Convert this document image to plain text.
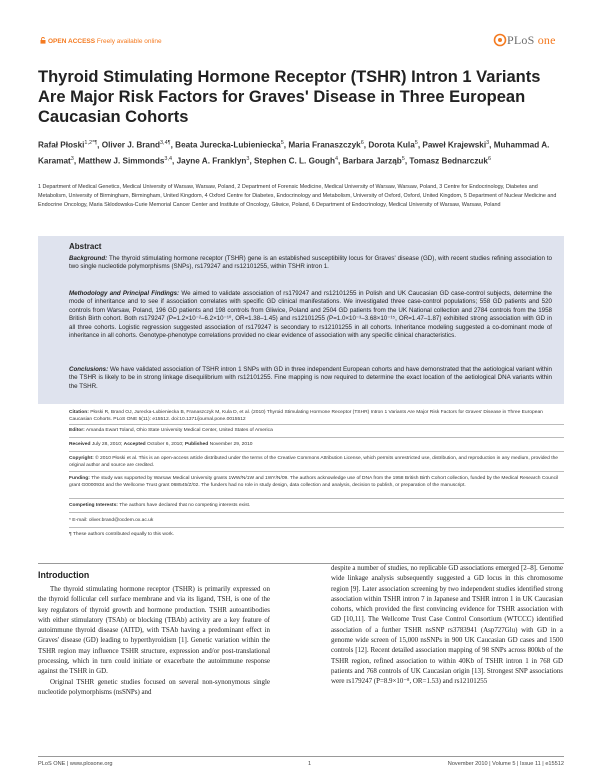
OPEN ACCESS Freely available online	PLoS one
Thyroid Stimulating Hormone Receptor (TSHR) Intron 1 Variants Are Major Risk Factors for Graves' Disease in Three European Caucasian Cohorts
Rafał Płoski$^{1,2*\P}$, Oliver J. Brand$^{3,4\P}$, Beata Jurecka-Lubieniecka$^5$, Maria Franaszczyk$^6$, Dorota Kula$^5$, Paweł Krajewski$^3$, Muhammad A. Karamat$^3$, Matthew J. Simmonds$^{3,4}$, Jayne A. Franklyn$^3$, Stephen C. L. Gough$^4$, Barbara Jarząb$^5$, Tomasz Bednarczuk$^6$
1 Department of Medical Genetics, Medical University of Warsaw, Warsaw, Poland, 2 Department of Forensic Medicine, Medical University of Warsaw, Warsaw, Poland, 3 Centre for Endocrinology, Diabetes and Metabolism, University of Birmingham, Birmingham, United Kingdom, 4 Oxford Centre for Diabetes, Endocrinology and Metabolism, University of Oxford, Oxford, United Kingdom, 5 Department of Nuclear Medicine and Endocrine Oncology, Maria Sklodowska-Curie Memorial Cancer Center and Institute of Oncology, Gliwice, Poland, 6 Department of Endocrinology, Medical University of Warsaw, Warsaw, Poland
Abstract
Background: The thyroid stimulating hormone receptor (TSHR) gene is an established susceptibility locus for Graves' disease (GD), with recent studies refining association to two single nucleotide polymorphisms (SNPs), rs179247 and rs12101255, within TSHR intron 1.
Methodology and Principal Findings: We aimed to validate association of rs179247 and rs12101255 in Polish and UK Caucasian GD case-control subjects, determine the mode of inheritance and to see if association correlates with specific GD clinical manifestations. We investigated three case-control populations; 558 GD patients and 520 controls from Warsaw, Poland, 196 GD patients and 198 controls from Gliwice, Poland and 2504 GD patients from the UK National collection and 2784 controls from the 1958 British Birth cohort. Both rs179247 (P=1.2×10⁻²–6.2×10⁻¹⁰, OR=1.38–1.45) and rs12101255 (P=1.0×10⁻³–3.68×10⁻¹⁵, OR=1.47–1.87) exhibited strong association with GD in all three cohorts. Logistic regression suggested association of rs179247 is secondary to rs12101255 in all cohorts. Inheritance modeling suggested a co-dominant mode of inheritance in all cohorts. Genotype-phenotype correlations provided no clear evidence of association with any specific clinical characteristics.
Conclusions: We have validated association of TSHR intron 1 SNPs with GD in three independent European cohorts and have demonstrated that the aetiological variant within the TSHR is likely to be in strong linkage disequilibrium with rs12101255. Fine mapping is now required to determine the exact location of the aetiological DNA variants within the TSHR.
Citation: Płoski R, Brand OJ, Jurecka-Lubieniecka B, Franaszczyk M, Kula D, et al. (2010) Thyroid Stimulating Hormone Receptor (TSHR) Intron 1 Variants Are Major Risk Factors for Graves' Disease in Three European Caucasian Cohorts. PLoS ONE 5(11): e15512. doi:10.1371/journal.pone.0015512
Editor: Amanda Ewart Toland, Ohio State University Medical Center, United States of America
Received July 28, 2010; Accepted October 6, 2010; Published November 29, 2010
Copyright: © 2010 Płoski et al. This is an open-access article distributed under the terms of the Creative Commons Attribution License, which permits unrestricted use, distribution, and reproduction in any medium, provided the original author and source are credited.
Funding: The study was supported by Warsaw Medical University grants 1WW/N/1W and 1WY/N/09. The authors acknowledge use of DNA from the 1958 British Birth Cohort collection, funded by the Medical Research Council grant G0000934 and the Wellcome Trust grant 068545/Z/02. The funders had no role in study design, data collection and analysis, decision to publish, or preparation of the manuscript.
Competing Interests: The authors have declared that no competing interests exist.
* E-mail: oliver.brand@ocdem.ox.ac.uk
¶ These authors contributed equally to this work.
Introduction

The thyroid stimulating hormone receptor (TSHR) is primarily expressed on the thyroid follicular cell surface membrane and via its ligand, TSH, is one of the key regulators of thyroid growth and hormone production. TSHR autoantibodies with either stimulatory (TSAb) or blocking (TBAb) activity are a key feature of autoimmune thyroid disease (AITD), with TSAb having a predominant effect in Graves' disease (GD) leading to hyperthyroidism [1]. Genetic variation within the TSHR region may influence TSHR structure, expression and/or post-translational processing, which in turn could initiate or exacerbate the autoimmune response against the TSHR in GD.

Original TSHR genetic studies focused on several non-synonymous single nucleotide polymorphisms (nsSNPs) and

despite a number of studies, no replicable GD associations emerged [2–8]. Genome wide linkage analysis subsequently suggested a GD locus in this chromosome region [9]. Later association screening by two independent studies identified strong association within TSHR intron 7 in Japanese and TSHR intron 1 in UK Caucasian cohorts, which provided the first convincing evidence for TSHR association with GD [10,11]. The Wellcome Trust Case Control Consortium (WTCCC) identified association of a further TSHR nsSNP rs3783941 (Asp727Glu) with GD in a genome wide screen of 15,000 nsSNPs in 900 UK Caucasian GD cases and 1500 controls [12]. Recent detailed association mapping of 98 SNPs across 800kb of the TSHR region, refined association to within 40Kb of TSHR intron 1 in 768 GD patients and 768 controls of UK Caucasian origin [13]. Strongest SNP associations were rs179247 (P=8.9×10⁻⁸, OR=1.53) and rs12101255

PLoS ONE | www.plosone.org	1	November 2010 | Volume 5 | Issue 11 | e15512
